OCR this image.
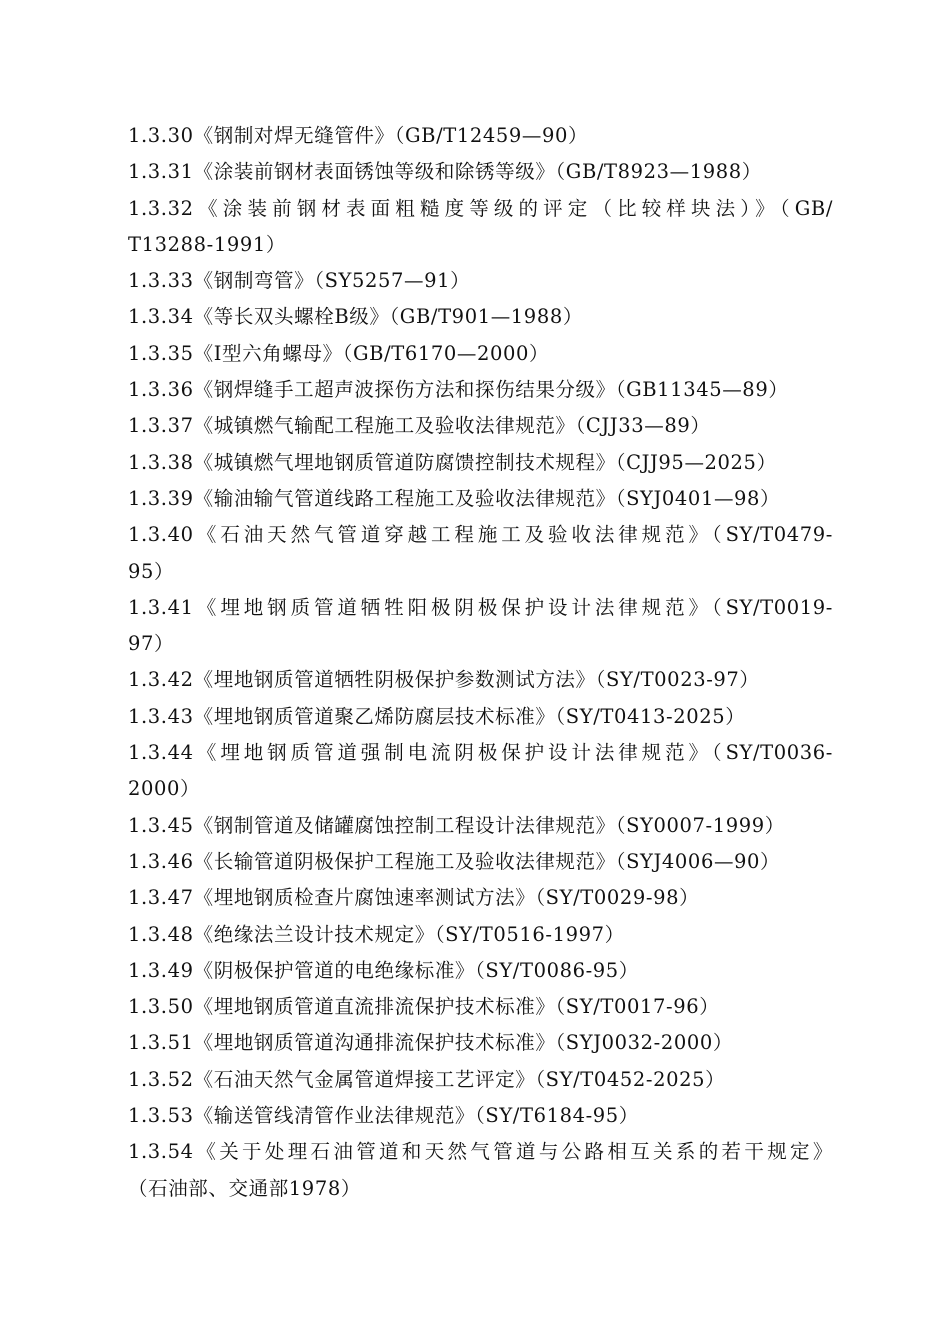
1.3.30《钢制对焊无缝管件》（GB/T12459—90）
1.3.31《涂装前钢材表面锈蚀等级和除锈等级》（GB/T8923—1988）
1.3.32《涂装前钢材表面粗糙度等级的评定（比较样块法）》（GB/
T13288-1991）
1.3.33《钢制弯管》（SY5257—91）
1.3.34《等长双头螺栓B级》（GB/T901—1988）
1.3.35《I型六角螺母》（GB/T6170—2000）
1.3.36《钢焊缝手工超声波探伤方法和探伤结果分级》（GB11345—89）
1.3.37《城镇燃气输配工程施工及验收法律规范》（CJJ33—89）
1.3.38《城镇燃气埋地钢质管道防腐馈控制技术规程》（CJJ95—2025）
1.3.39《输油输气管道线路工程施工及验收法律规范》（SYJ0401—98）
1.3.40《石油天然气管道穿越工程施工及验收法律规范》（SY/T0479-
95）
1.3.41《埋地钢质管道牺牲阳极阴极保护设计法律规范》（SY/T0019-
97）
1.3.42《埋地钢质管道牺牲阴极保护参数测试方法》（SY/T0023-97）
1.3.43《埋地钢质管道聚乙烯防腐层技术标准》（SY/T0413-2025）
1.3.44《埋地钢质管道强制电流阴极保护设计法律规范》（SY/T0036-
2000）
1.3.45《钢制管道及储罐腐蚀控制工程设计法律规范》（SY0007-1999）
1.3.46《长输管道阴极保护工程施工及验收法律规范》（SYJ4006—90）
1.3.47《埋地钢质检查片腐蚀速率测试方法》（SY/T0029-98）
1.3.48《绝缘法兰设计技术规定》（SY/T0516-1997）
1.3.49《阴极保护管道的电绝缘标准》（SY/T0086-95）
1.3.50《埋地钢质管道直流排流保护技术标准》（SY/T0017-96）
1.3.51《埋地钢质管道沟通排流保护技术标准》（SYJ0032-2000）
1.3.52《石油天然气金属管道焊接工艺评定》（SY/T0452-2025）
1.3.53《输送管线清管作业法律规范》（SY/T6184-95）
1.3.54《关于处理石油管道和天然气管道与公路相互关系的若干规定》
（石油部、交通部1978）
